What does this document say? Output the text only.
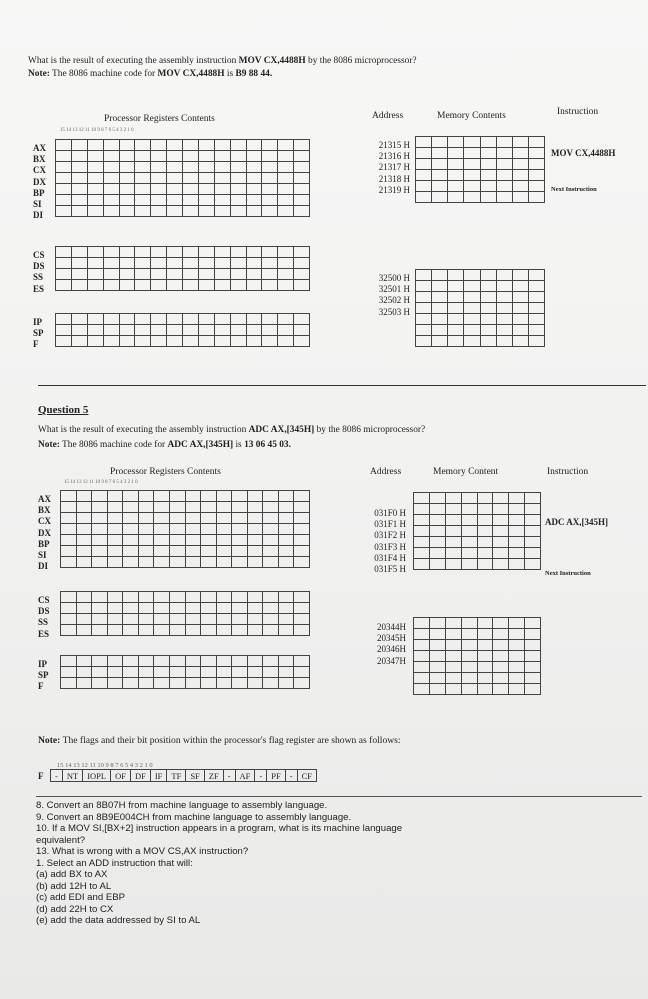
What is the result of executing the assembly instruction MOV CX,4488H by the 8086 microprocessor?
Note: The 8086 machine code for MOV CX,4488H is B9 88 44.
Processor Registers Contents
15 14 13 12 11 10 9 8 7 6 5 4 3 2 1 0
Address	Memory Contents	Instruction
AX
BX
CX
DX
BP
SI
DI

CS
DS
SS
ES

IP
SP
F

21315 H
21316 H
21317 H
21318 H
21319 H

32500 H
32501 H
32502 H
32503 H

MOV CX,4488H
Next Instruction
Question 5
What is the result of executing the assembly instruction ADC AX,[345H] by the 8086 microprocessor?
Note: The 8086 machine code for ADC AX,[345H] is 13 06 45 03.
Processor Registers Contents
15 14 13 12 11 10 9 8 7 6 5 4 3 2 1 0
Address	Memory Content	Instruction
AX
BX
CX
DX
BP
SI
DI

CS
DS
SS
ES

IP
SP
F

031F0 H
031F1 H
031F2 H
031F3 H
031F4 H
031F5 H

20344H
20345H
20346H
20347H

ADC AX,[345H]
Next Instruction
Note: The flags and their bit position within the processor's flag register are shown as follows:
15 14 13 12 11 10 9 8 7 6 5 4 3 2 1 0
F -	NT	IOPL	OF	DF	IF	TF	SF	ZF	-	AF	-	PF	-	CF
8. Convert an 8B07H from machine language to assembly language.
9. Convert an 8B9E004CH from machine language to assembly language.
10. If a MOV SI,[BX+2] instruction appears in a program, what is its machine language
equivalent?
13. What is wrong with a MOV CS,AX instruction?
1. Select an ADD instruction that will:
(a) add BX to AX
(b) add 12H to AL
(c) add EDI and EBP
(d) add 22H to CX
(e) add the data addressed by SI to AL
